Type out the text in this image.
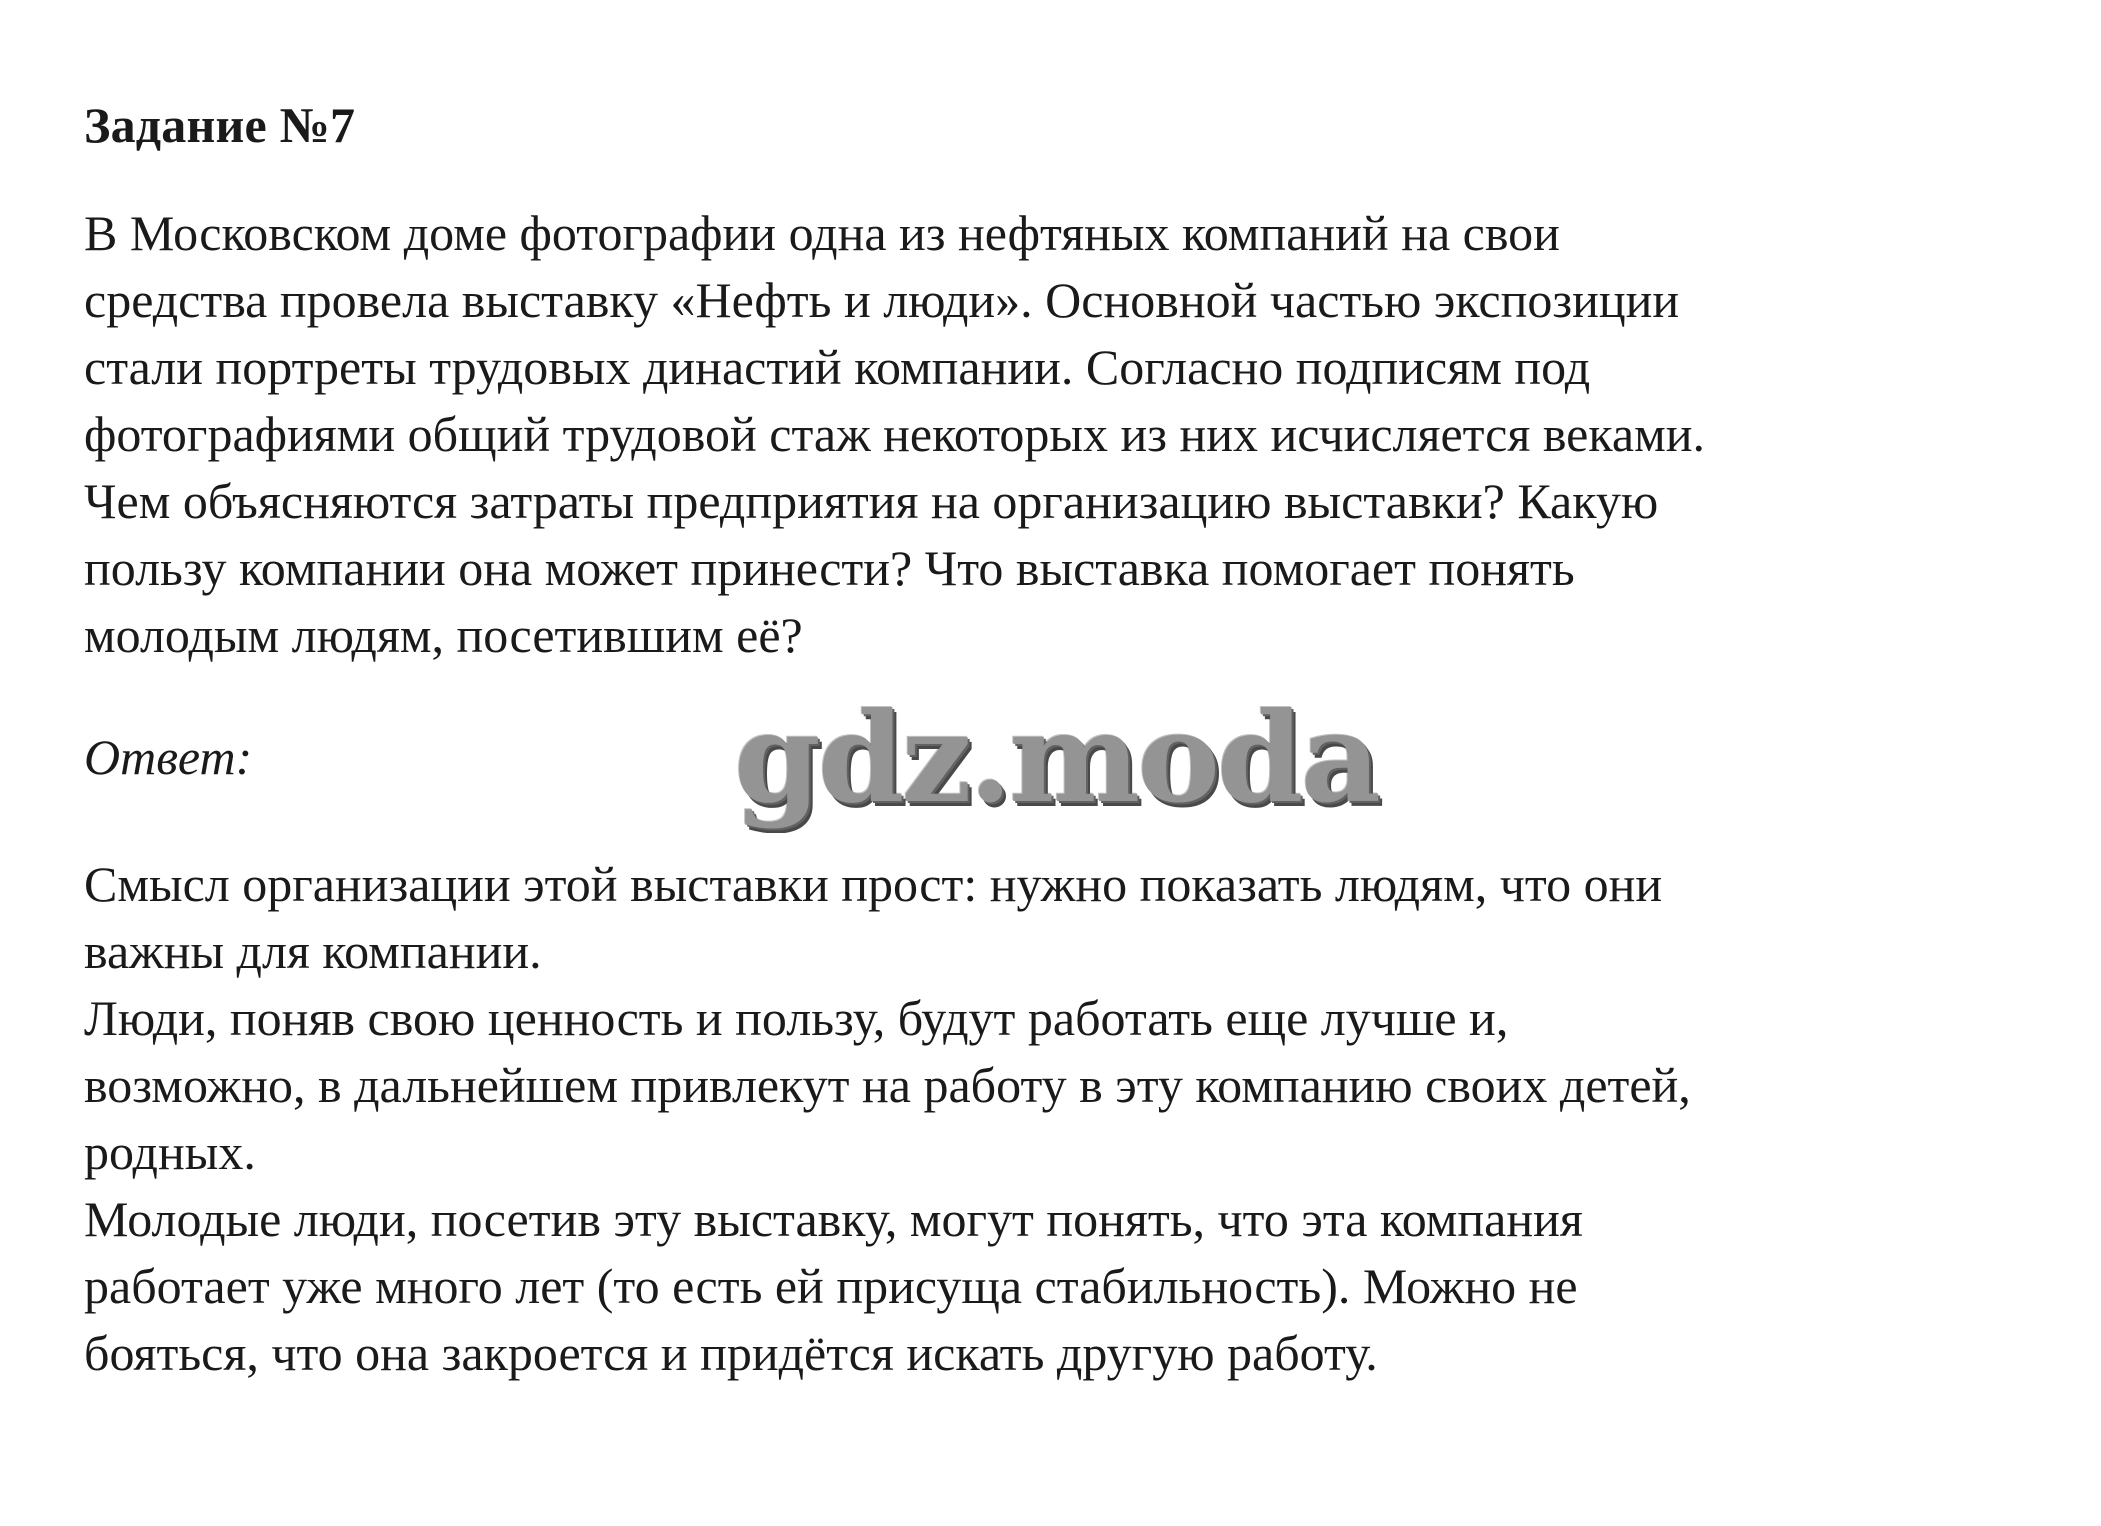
Задание №7
В Московском доме фотографии одна из нефтяных компаний на свои
средства провела выставку «Нефть и люди». Основной частью экспозиции
стали портреты трудовых династий компании. Согласно подписям под
фотографиями общий трудовой стаж некоторых из них исчисляется веками.
Чем объясняются затраты предприятия на организацию выставки? Какую
пользу компании она может принести? Что выставка помогает понять
молодым людям, посетившим её?
Ответ:	gdz.moda
Смысл организации этой выставки прост: нужно показать людям, что они
важны для компании.
Люди, поняв свою ценность и пользу, будут работать еще лучше и,
возможно, в дальнейшем привлекут на работу в эту компанию своих детей,
родных.
Молодые люди, посетив эту выставку, могут понять, что эта компания
работает уже много лет (то есть ей присуща стабильность). Можно не
бояться, что она закроется и придётся искать другую работу.
